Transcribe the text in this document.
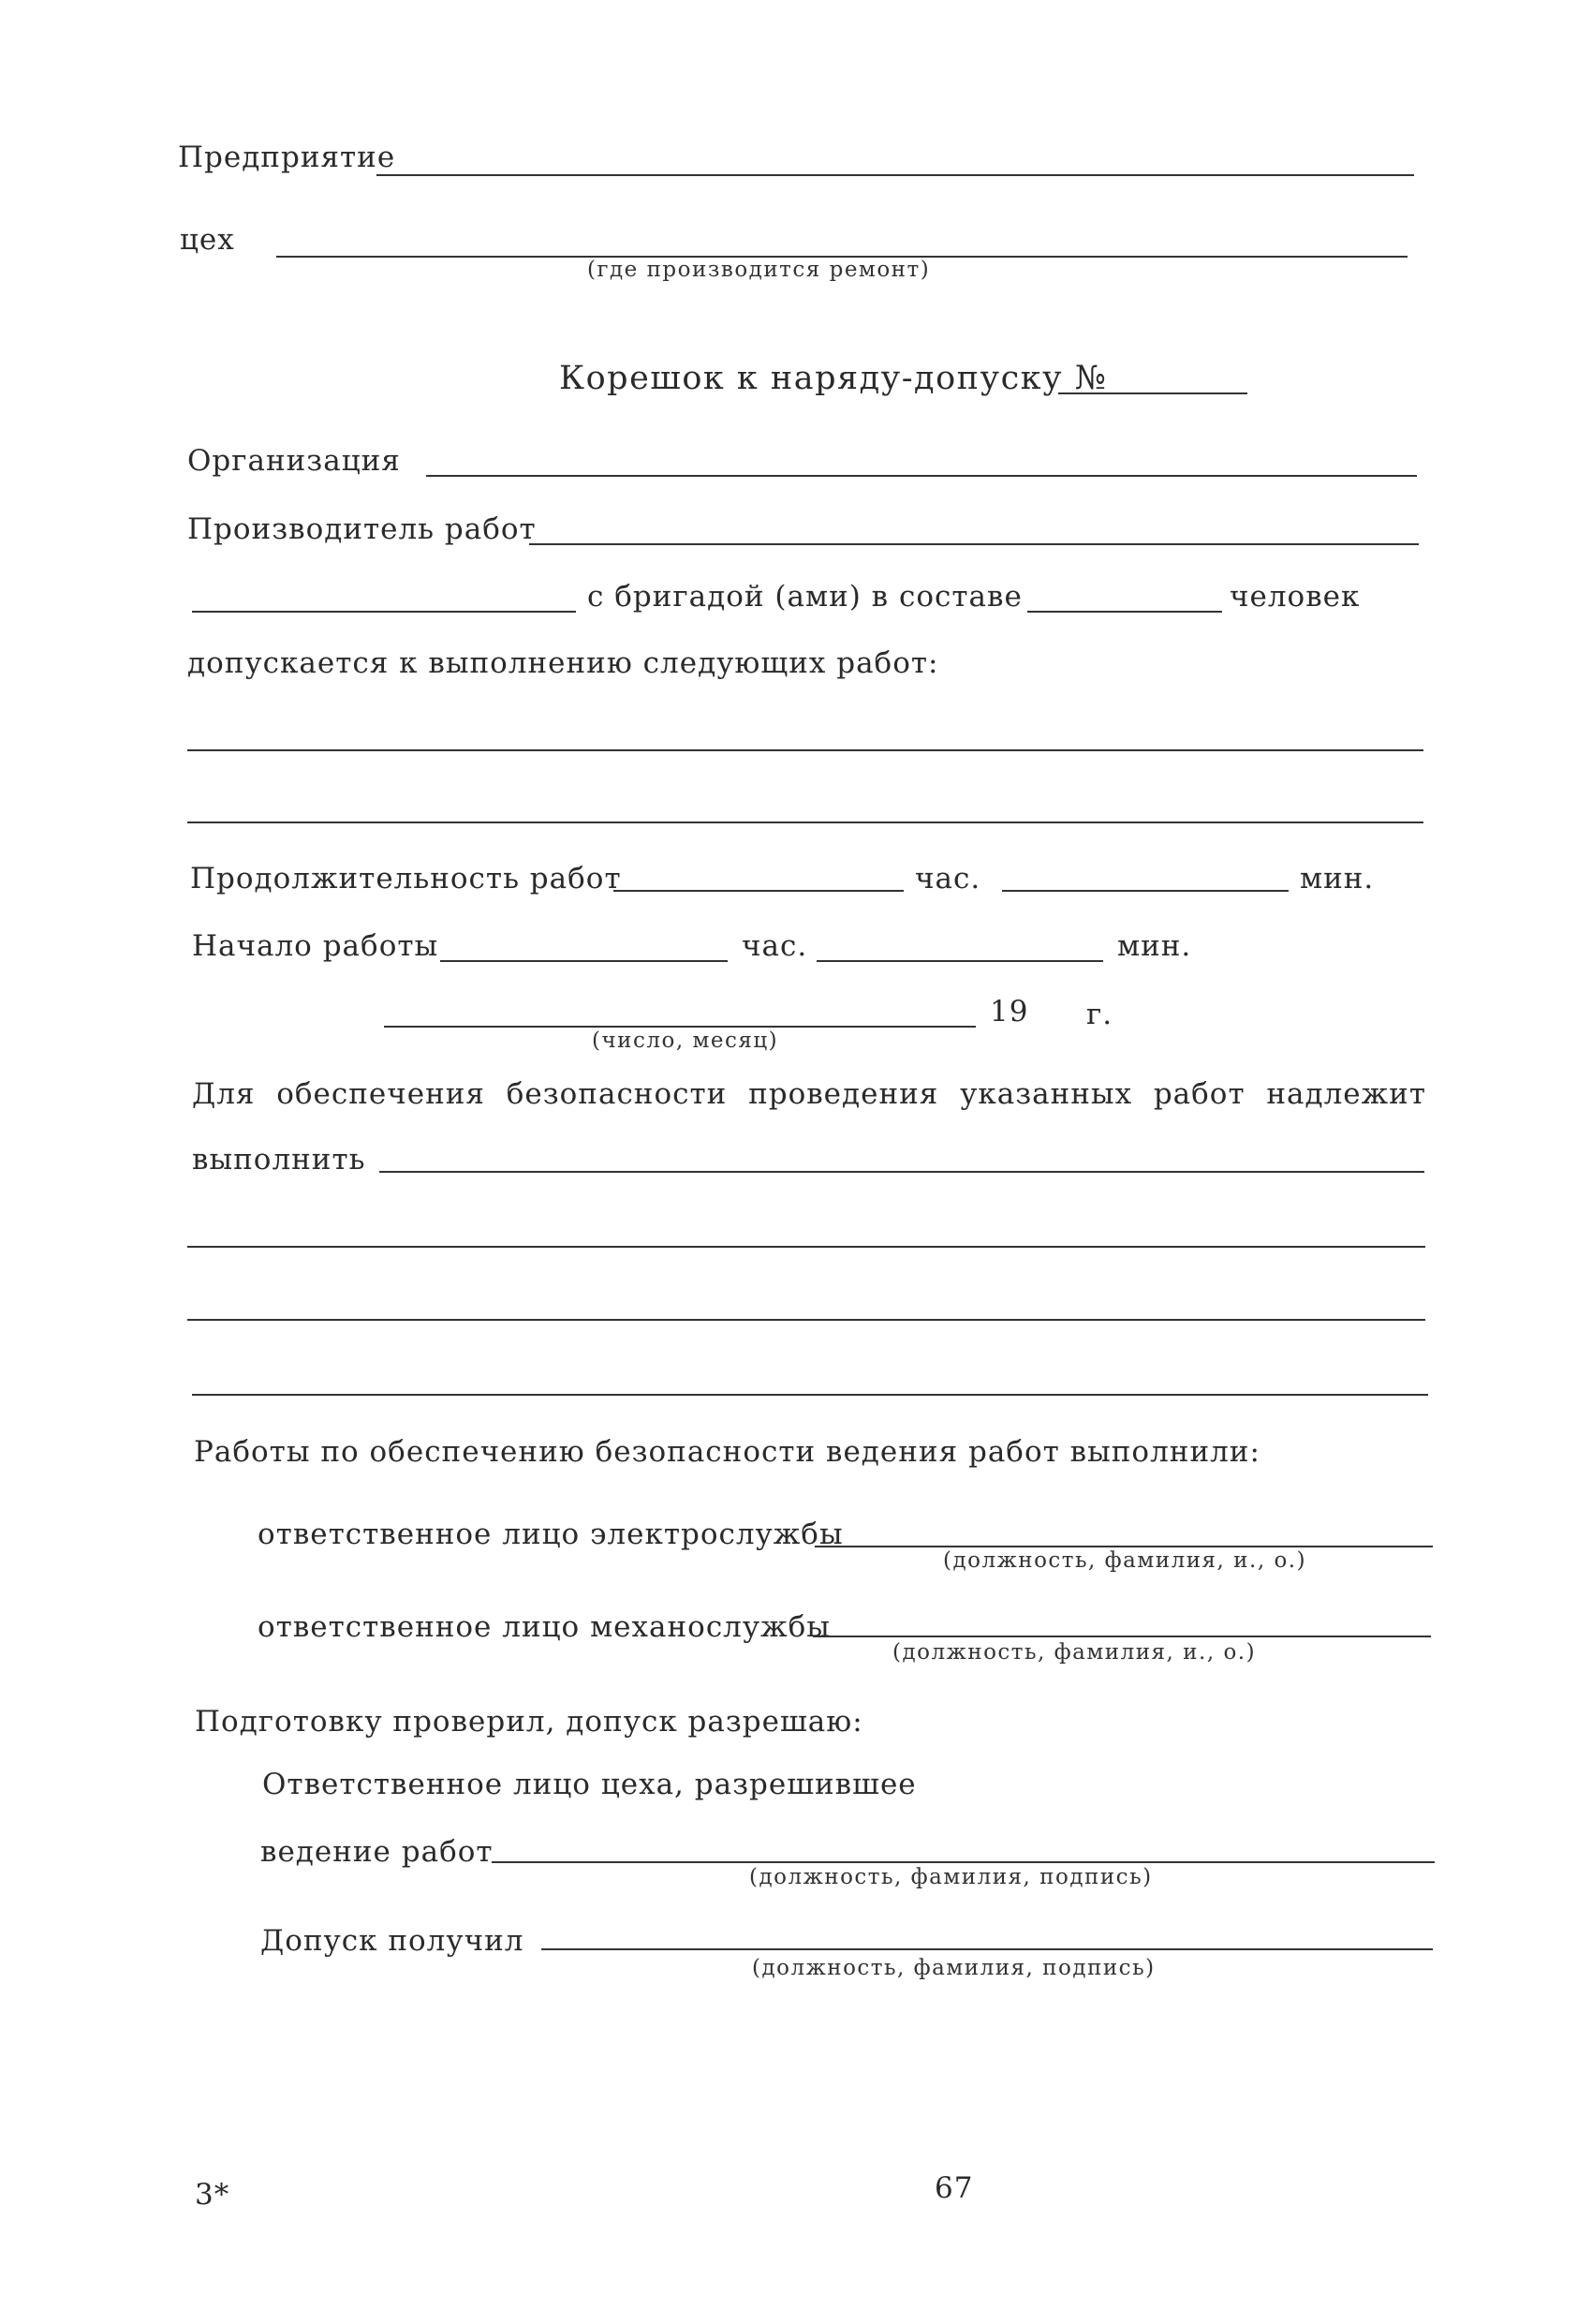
Предприятие
цех
(где производится ремонт)
Корешок к наряду-допуску №
Организация
Производитель работ
с бригадой (ами) в составе	человек
допускается к выполнению следующих работ:
Продолжительность работ	час.	мин.
Начало работы	час.	мин.
19 г.
(число, месяц)
Для обеспечения безопасности проведения указанных работ надлежит
выполнить
Работы по обеспечению безопасности ведения работ выполнили:
ответственное лицо электрослужбы
(должность, фамилия, и., о.)
ответственное лицо механослужбы
(должность, фамилия, и., о.)
Подготовку проверил, допуск разрешаю:
Ответственное лицо цеха, разрешившее
ведение работ
(должность, фамилия, подпись)
Допуск получил
(должность, фамилия, подпись)
3*	67
